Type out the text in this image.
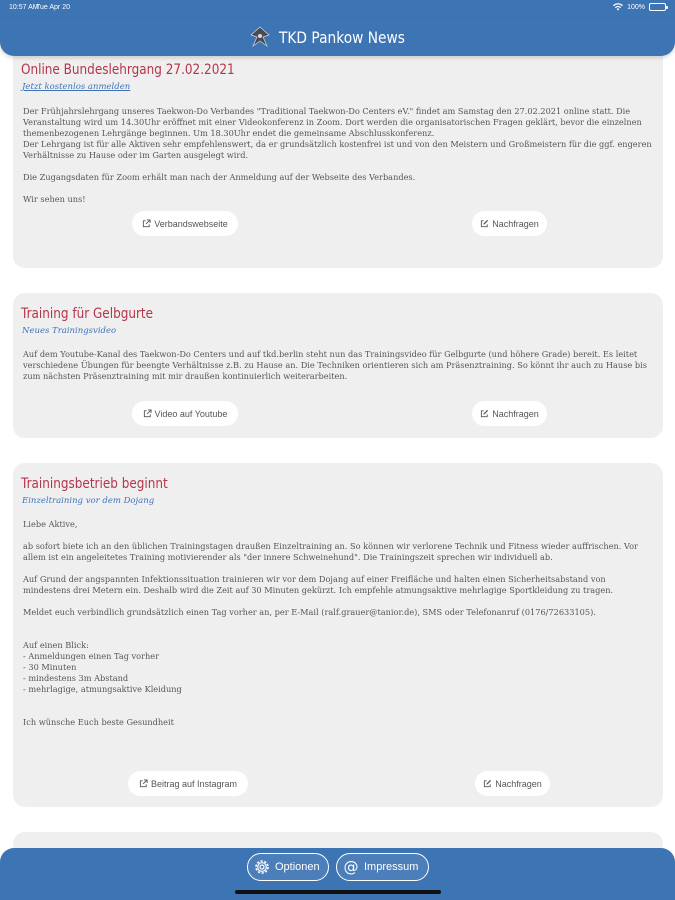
10:57 AM
Tue Apr 20	100%
TKD Pankow News
Online Bundeslehrgang 27.02.2021
Jetzt kostenlos anmelden

Der Frühjahrslehrgang unseres Taekwon-Do Verbandes "Traditional Taekwon-Do Centers eV." findet am Samstag den 27.02.2021 online statt. Die Veranstaltung wird um 14.30Uhr eröffnet mit einer Videokonferenz in Zoom. Dort werden die organisatorischen Fragen geklärt, bevor die einzelnen themenbezogenen Lehrgänge beginnen. Um 18.30Uhr endet die gemeinsame Abschlusskonferenz.

Der Lehrgang ist für alle Aktiven sehr empfehlenswert, da er grundsätzlich kostenfrei ist und von den Meistern und Großmeistern für die ggf. engeren Verhältnisse zu Hause oder im Garten ausgelegt wird.

Die Zugangsdaten für Zoom erhält man nach der Anmeldung auf der Webseite des Verbandes.

Wir sehen uns!

Verbandswebseite	Nachfragen
Training für Gelbgurte
Neues Trainingsvideo

Auf dem Youtube-Kanal des Taekwon-Do Centers und auf tkd.berlin steht nun das Trainingsvideo für Gelbgurte (und höhere Grade) bereit. Es leitet verschiedene Übungen für beengte Verhältnisse z.B. zu Hause an. Die Techniken orientieren sich am Präsenztraining. So könnt ihr auch zu Hause bis zum nächsten Präsenztraining mit mir draußen kontinuierlich weiterarbeiten.

Video auf Youtube	Nachfragen
Trainingsbetrieb beginnt
Einzeltraining vor dem Dojang

Liebe Aktive,

ab sofort biete ich an den üblichen Trainingstagen draußen Einzeltraining an. So können wir verlorene Technik und Fitness wieder auffrischen. Vor allem ist ein angeleitetes Training motivierender als "der innere Schweinehund". Die Trainingszeit sprechen wir individuell ab.

Auf Grund der angspannten Infektionssituation trainieren wir vor dem Dojang auf einer Freifläche und halten einen Sicherheitsabstand von mindestens drei Metern ein. Deshalb wird die Zeit auf 30 Minuten gekürzt. Ich empfehle atmungsaktive mehrlagige Sportkleidung zu tragen.

Meldet euch verbindlich grundsätzlich einen Tag vorher an, per E-Mail (ralf.grauer@tanior.de), SMS oder Telefonanruf (0176/72633105).

Auf einen Blick:

- Anmeldungen einen Tag vorher
- 30 Minuten
- mindestens 3m Abstand
- mehrlagige, atmungsaktive Kleidung

Ich wünsche Euch beste Gesundheit

Beitrag auf Instagram	Nachfragen
Optionen @ Impressum
